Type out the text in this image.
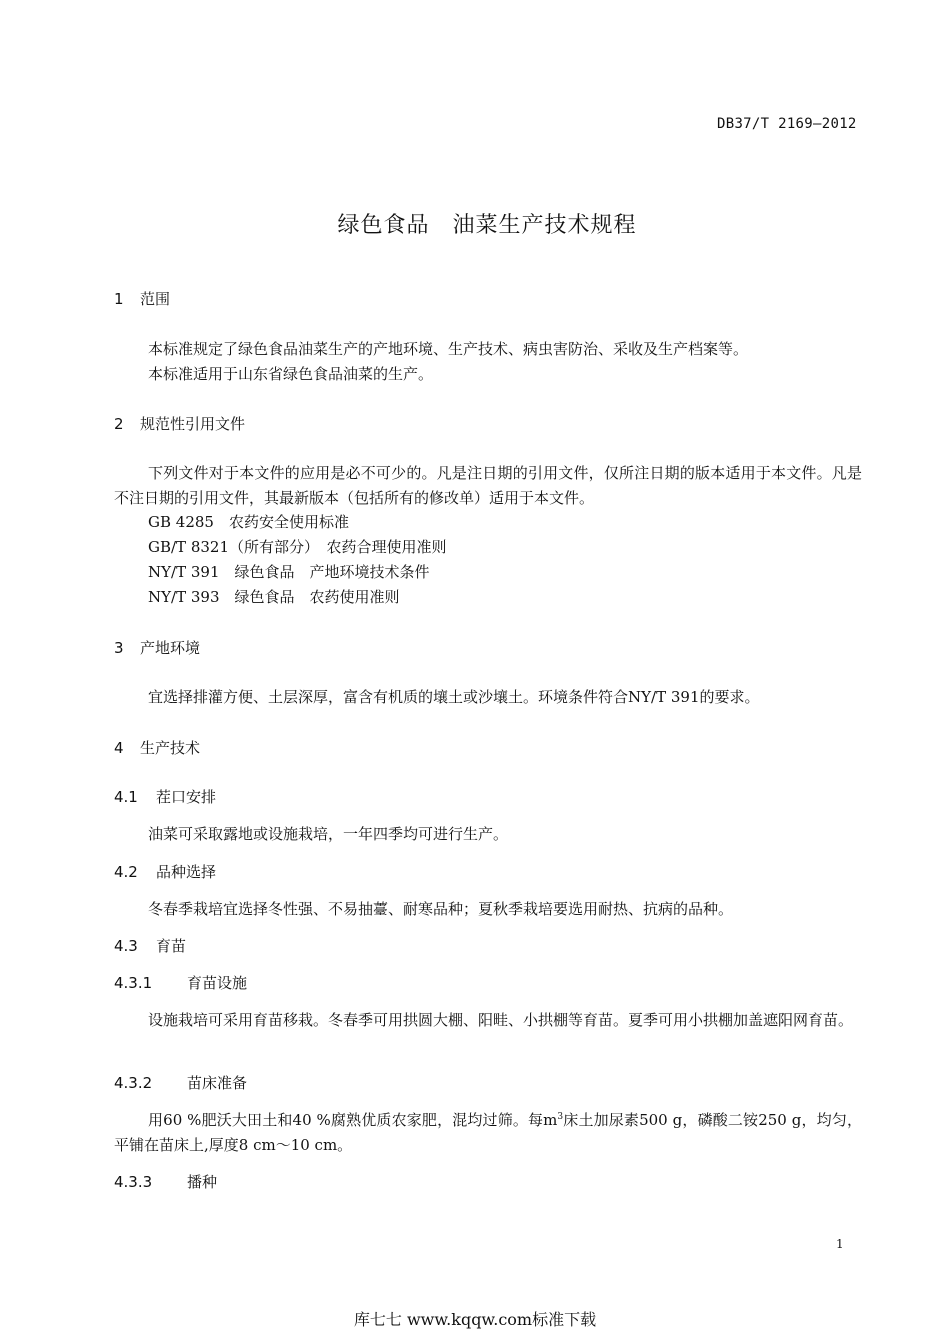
DB37/T 2169—2012
绿色食品　油菜生产技术规程
1 范围
本标准规定了绿色食品油菜生产的产地环境、生产技术、病虫害防治、采收及生产档案等。
本标准适用于山东省绿色食品油菜的生产。
2 规范性引用文件
下列文件对于本文件的应用是必不可少的。凡是注日期的引用文件，仅所注日期的版本适用于本文件。凡是不注日期的引用文件，其最新版本（包括所有的修改单）适用于本文件。
GB 4285　农药安全使用标准
GB/T 8321（所有部分）　农药合理使用准则
NY/T 391　绿色食品　产地环境技术条件
NY/T 393　绿色食品　农药使用准则
3 产地环境
宜选择排灌方便、土层深厚，富含有机质的壤土或沙壤土。环境条件符合NY/T 391的要求。
4 生产技术
4.1 茬口安排
油菜可采取露地或设施栽培，一年四季均可进行生产。
4.2 品种选择
冬春季栽培宜选择冬性强、不易抽薹、耐寒品种；夏秋季栽培要选用耐热、抗病的品种。
4.3 育苗
4.3.1 育苗设施
设施栽培可采用育苗移栽。冬春季可用拱圆大棚、阳畦、小拱棚等育苗。夏季可用小拱棚加盖遮阳网育苗。
4.3.2 苗床准备
用60 %肥沃大田土和40 %腐熟优质农家肥，混均过筛。每$m^3$床土加尿素500 g，磷酸二铵250 g，均匀，平铺在苗床上,厚度8 cm～10 cm。
4.3.3 播种
1
库七七 www.kqqw.com标准下载
